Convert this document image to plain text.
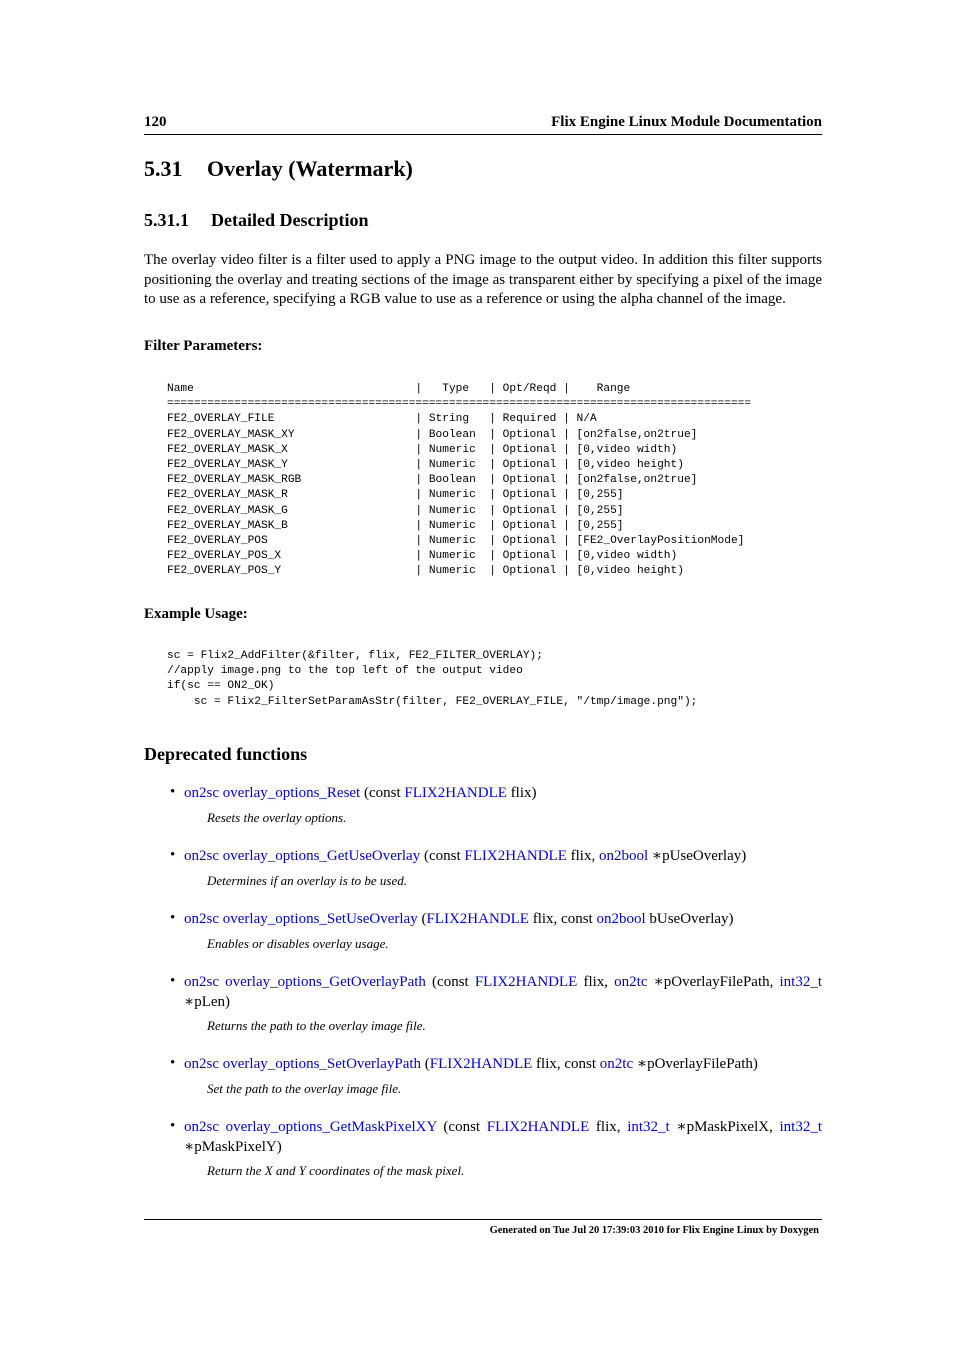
120	Flix Engine Linux Module Documentation
5.31 Overlay (Watermark)
5.31.1 Detailed Description

The overlay video filter is a filter used to apply a PNG image to the output video. In addition this filter supports positioning the overlay and treating sections of the image as transparent either by specifying a pixel of the image to use as a reference, specifying a RGB value to use as a reference or using the alpha channel of the image.

Filter Parameters:

Name                                 |   Type   | Opt/Reqd |    Range
=======================================================================================
FE2_OVERLAY_FILE                     | String   | Required | N/A
FE2_OVERLAY_MASK_XY                  | Boolean  | Optional | [on2false,on2true]
FE2_OVERLAY_MASK_X                   | Numeric  | Optional | [0,video width)
FE2_OVERLAY_MASK_Y                   | Numeric  | Optional | [0,video height)
FE2_OVERLAY_MASK_RGB                 | Boolean  | Optional | [on2false,on2true]
FE2_OVERLAY_MASK_R                   | Numeric  | Optional | [0,255]
FE2_OVERLAY_MASK_G                   | Numeric  | Optional | [0,255]
FE2_OVERLAY_MASK_B                   | Numeric  | Optional | [0,255]
FE2_OVERLAY_POS                      | Numeric  | Optional | [FE2_OverlayPositionMode]
FE2_OVERLAY_POS_X                    | Numeric  | Optional | [0,video width)
FE2_OVERLAY_POS_Y                    | Numeric  | Optional | [0,video height)

Example Usage:

sc = Flix2_AddFilter(&filter, flix, FE2_FILTER_OVERLAY);
//apply image.png to the top left of the output video
if(sc == ON2_OK)
sc = Flix2_FilterSetParamAsStr(filter, FE2_OVERLAY_FILE, "/tmp/image.png");
Deprecated functions
• on2sc overlay_options_Reset (const FLIX2HANDLE flix)

Resets the overlay options.

• on2sc overlay_options_GetUseOverlay (const FLIX2HANDLE flix, on2bool ∗pUseOverlay)

Determines if an overlay is to be used.

• on2sc overlay_options_SetUseOverlay (FLIX2HANDLE flix, const on2bool bUseOverlay)

Enables or disables overlay usage.

• on2sc overlay_options_GetOverlayPath (const FLIX2HANDLE flix, on2tc ∗pOverlayFilePath, int32_t ∗pLen)

Returns the path to the overlay image file.

• on2sc overlay_options_SetOverlayPath (FLIX2HANDLE flix, const on2tc ∗pOverlayFilePath)

Set the path to the overlay image file.

• on2sc overlay_options_GetMaskPixelXY (const FLIX2HANDLE flix, int32_t ∗pMaskPixelX, int32_t ∗pMaskPixelY)

Return the X and Y coordinates of the mask pixel.

Generated on Tue Jul 20 17:39:03 2010 for Flix Engine Linux by Doxygen
